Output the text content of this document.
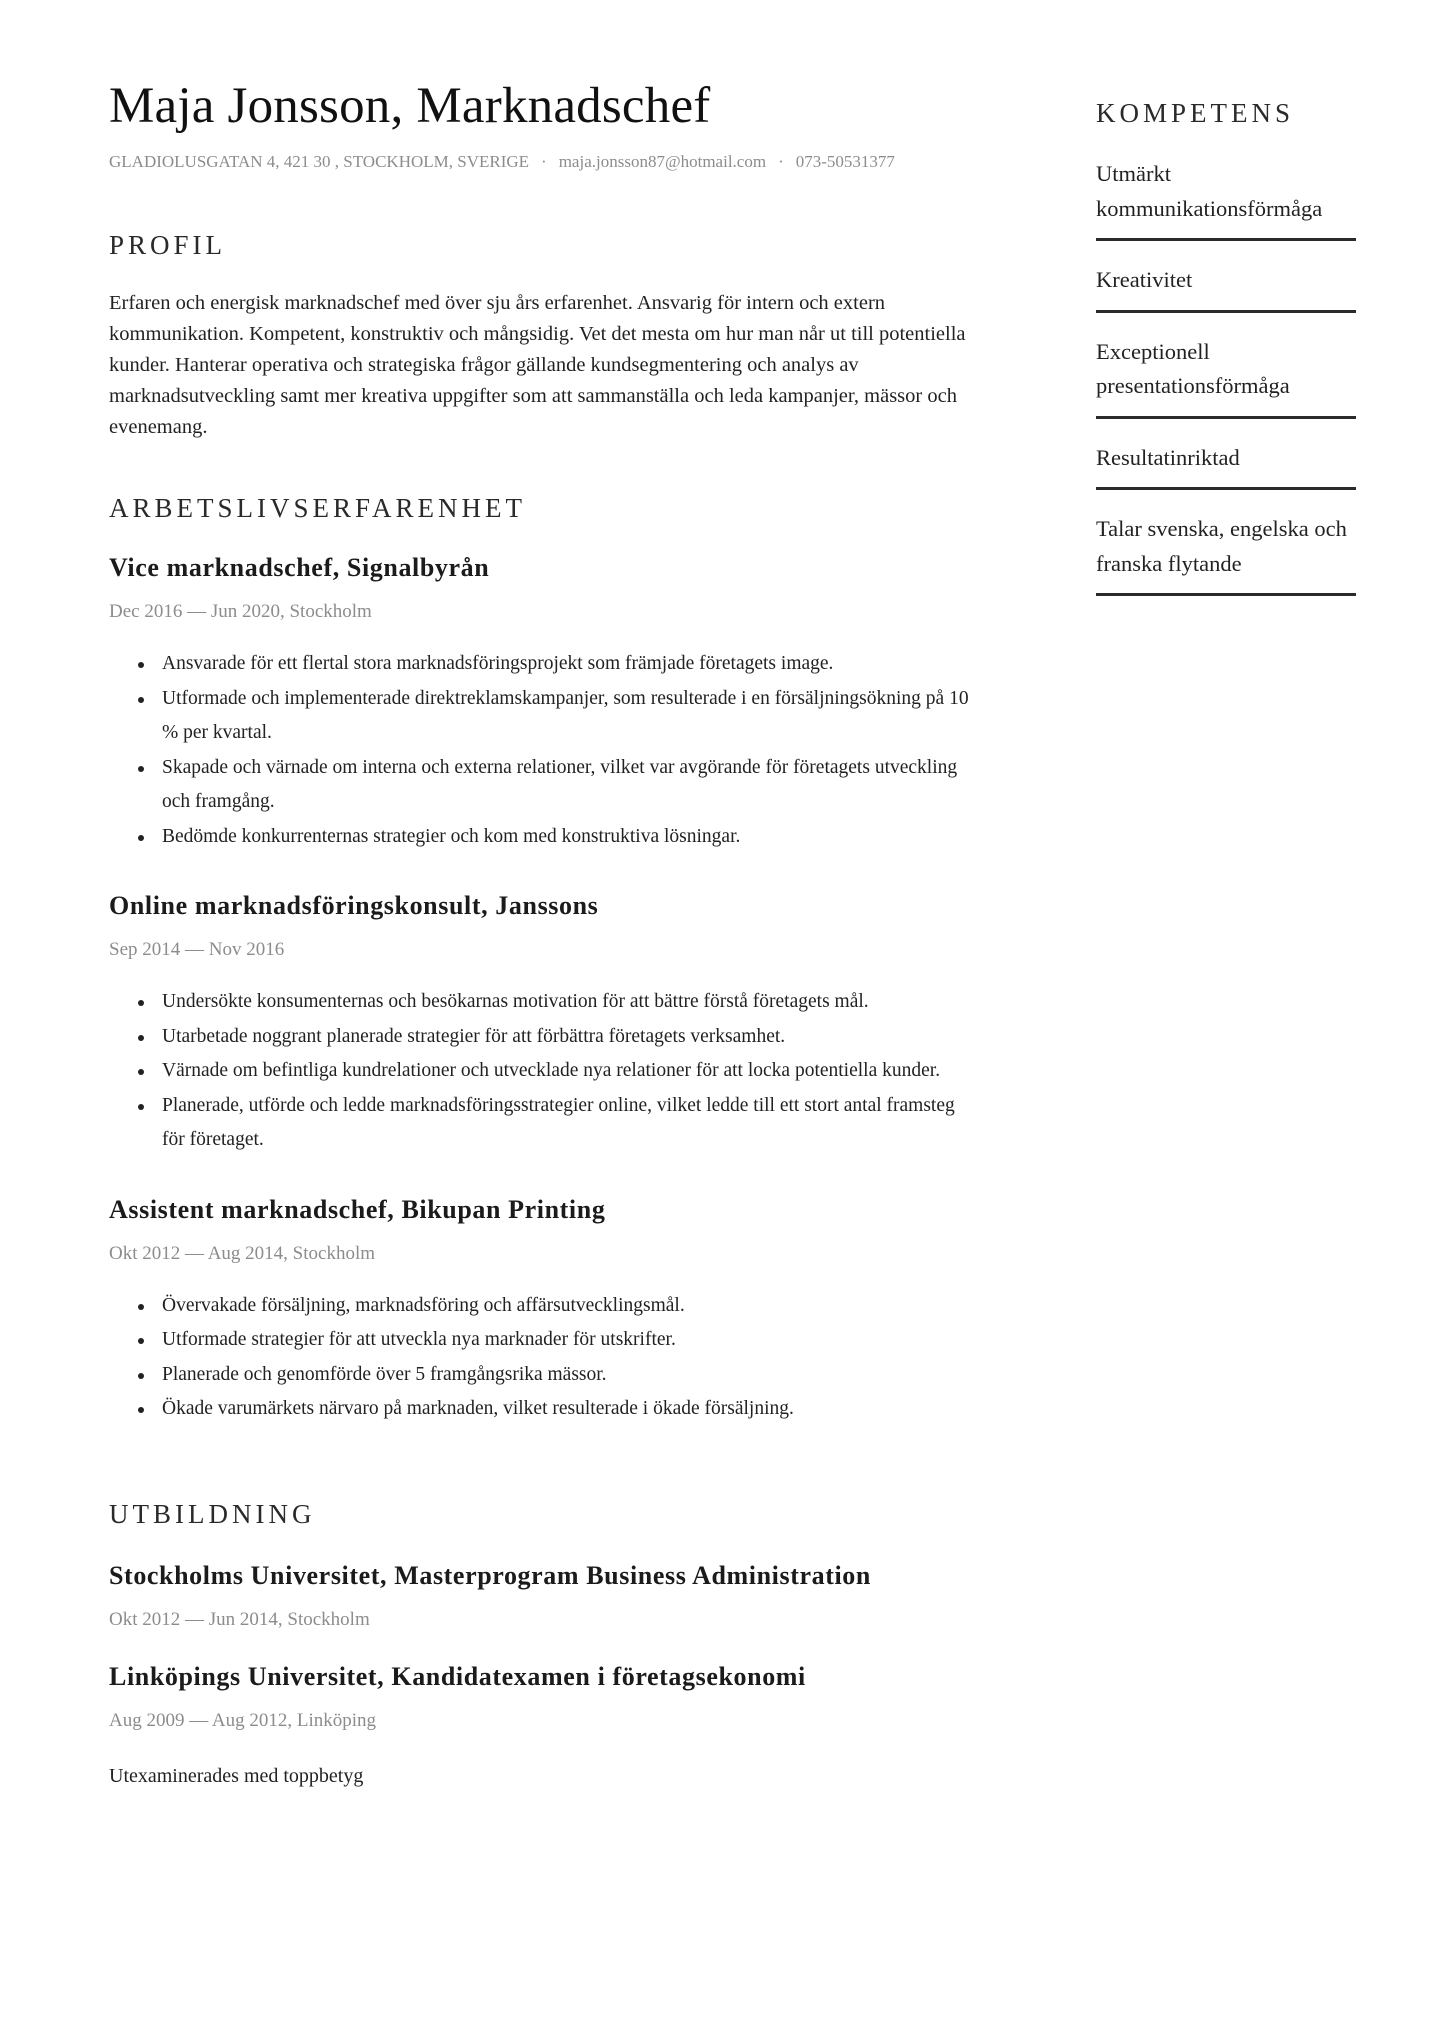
Maja Jonsson, Marknadschef
GLADIOLUSGATAN 4, 421 30 , STOCKHOLM, SVERIGE · maja.jonsson87@hotmail.com · 073-50531377
PROFIL

Erfaren och energisk marknadschef med över sju års erfarenhet. Ansvarig för intern och extern kommunikation. Kompetent, konstruktiv och mångsidig. Vet det mesta om hur man når ut till potentiella kunder. Hanterar operativa och strategiska frågor gällande kundsegmentering och analys av marknadsutveckling samt mer kreativa uppgifter som att sammanställa och leda kampanjer, mässor och evenemang.

ARBETSLIVSERFARENHET
Vice marknadschef, Signalbyrån
Dec 2016 — Jun 2020, Stockholm
Ansvarade för ett flertal stora marknadsföringsprojekt som främjade företagets image.
Utformade och implementerade direktreklamskampanjer, som resulterade i en försäljningsökning på 10 % per kvartal.
Skapade och värnade om interna och externa relationer, vilket var avgörande för företagets utveckling och framgång.
Bedömde konkurrenternas strategier och kom med konstruktiva lösningar.
Online marknadsföringskonsult, Janssons
Sep 2014 — Nov 2016
Undersökte konsumenternas och besökarnas motivation för att bättre förstå företagets mål.
Utarbetade noggrant planerade strategier för att förbättra företagets verksamhet.
Värnade om befintliga kundrelationer och utvecklade nya relationer för att locka potentiella kunder.
Planerade, utförde och ledde marknadsföringsstrategier online, vilket ledde till ett stort antal framsteg för företaget.
Assistent marknadschef, Bikupan Printing
Okt 2012 — Aug 2014, Stockholm
Övervakade försäljning, marknadsföring och affärsutvecklingsmål.
Utformade strategier för att utveckla nya marknader för utskrifter.
Planerade och genomförde över 5 framgångsrika mässor.
Ökade varumärkets närvaro på marknaden, vilket resulterade i ökade försäljning.
UTBILDNING
Stockholms Universitet, Masterprogram Business Administration
Okt 2012 — Jun 2014, Stockholm
Linköpings Universitet, Kandidatexamen i företagsekonomi
Aug 2009 — Aug 2012, Linköping
Utexaminerades med toppbetyg
KOMPETENS
Utmärkt kommunikationsförmåga
Kreativitet
Exceptionell presentationsförmåga
Resultatinriktad
Talar svenska, engelska och franska flytande
